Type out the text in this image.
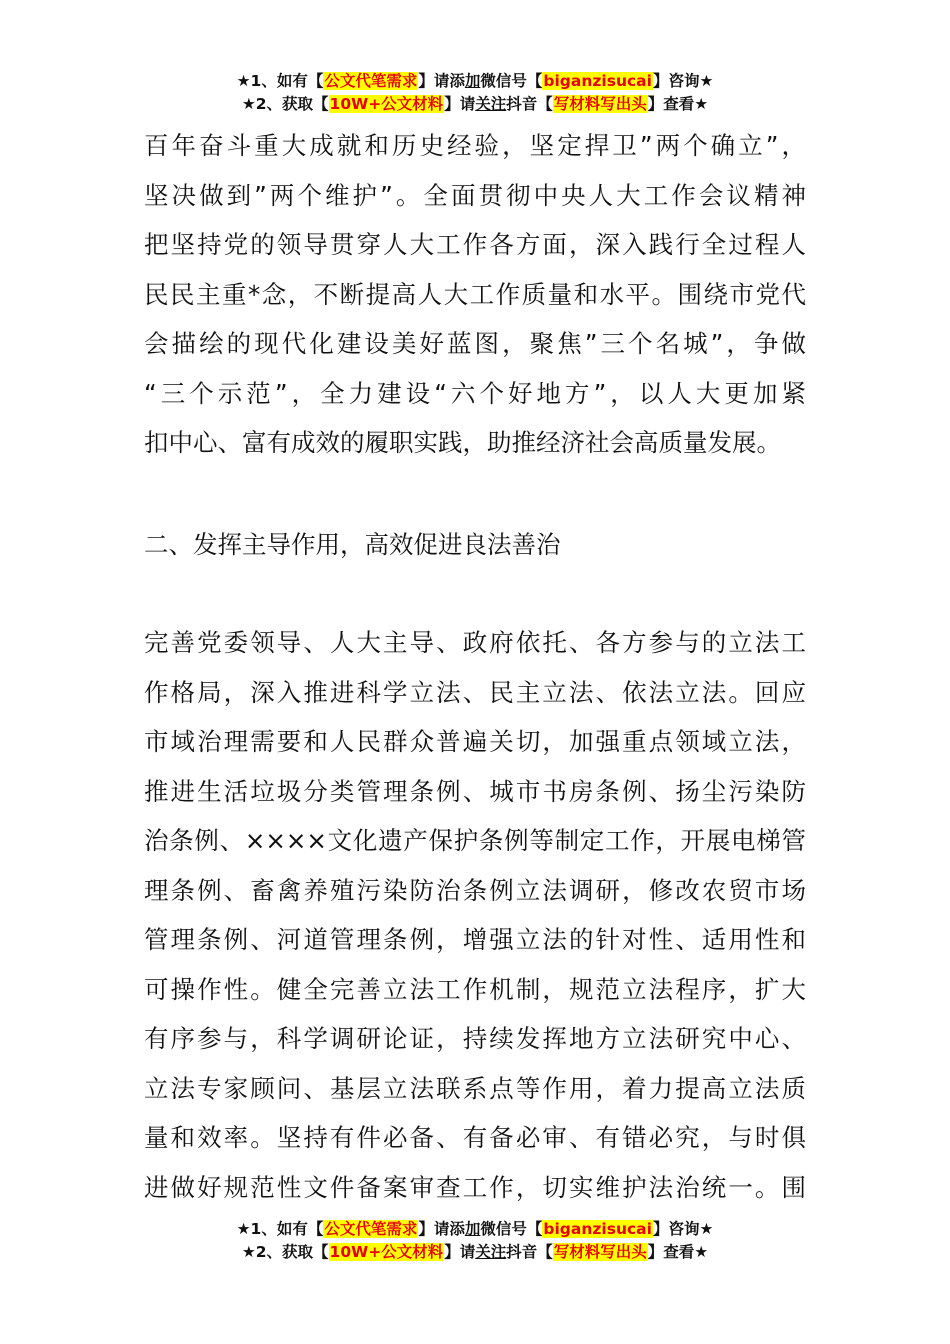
★1、如有【公文代笔需求】请添加微信号【biganzisucai】咨询★
★2、获取【10W+公文材料】请关注抖音【写材料写出头】查看★
百年奋斗重大成就和历史经验，坚定捍卫”两个确立”，
坚决做到”两个维护”。全面贯彻中央人大工作会议精神
把坚持党的领导贯穿人大工作各方面，深入践行全过程人
民民主重*念，不断提高人大工作质量和水平。围绕市党代
会描绘的现代化建设美好蓝图，聚焦”三个名城”，争做
“三个示范”，全力建设“六个好地方”，以人大更加紧
扣中心、富有成效的履职实践，助推经济社会高质量发展。
二、发挥主导作用，高效促进良法善治
完善党委领导、人大主导、政府依托、各方参与的立法工
作格局，深入推进科学立法、民主立法、依法立法。回应
市域治理需要和人民群众普遍关切，加强重点领域立法，
推进生活垃圾分类管理条例、城市书房条例、扬尘污染防
治条例、××××文化遗产保护条例等制定工作，开展电梯管
理条例、畜禽养殖污染防治条例立法调研，修改农贸市场
管理条例、河道管理条例，增强立法的针对性、适用性和
可操作性。健全完善立法工作机制，规范立法程序，扩大
有序参与，科学调研论证，持续发挥地方立法研究中心、
立法专家顾问、基层立法联系点等作用，着力提高立法质
量和效率。坚持有件必备、有备必审、有错必究，与时俱
进做好规范性文件备案审查工作，切实维护法治统一。围
★1、如有【公文代笔需求】请添加微信号【biganzisucai】咨询★
★2、获取【10W+公文材料】请关注抖音【写材料写出头】查看★
